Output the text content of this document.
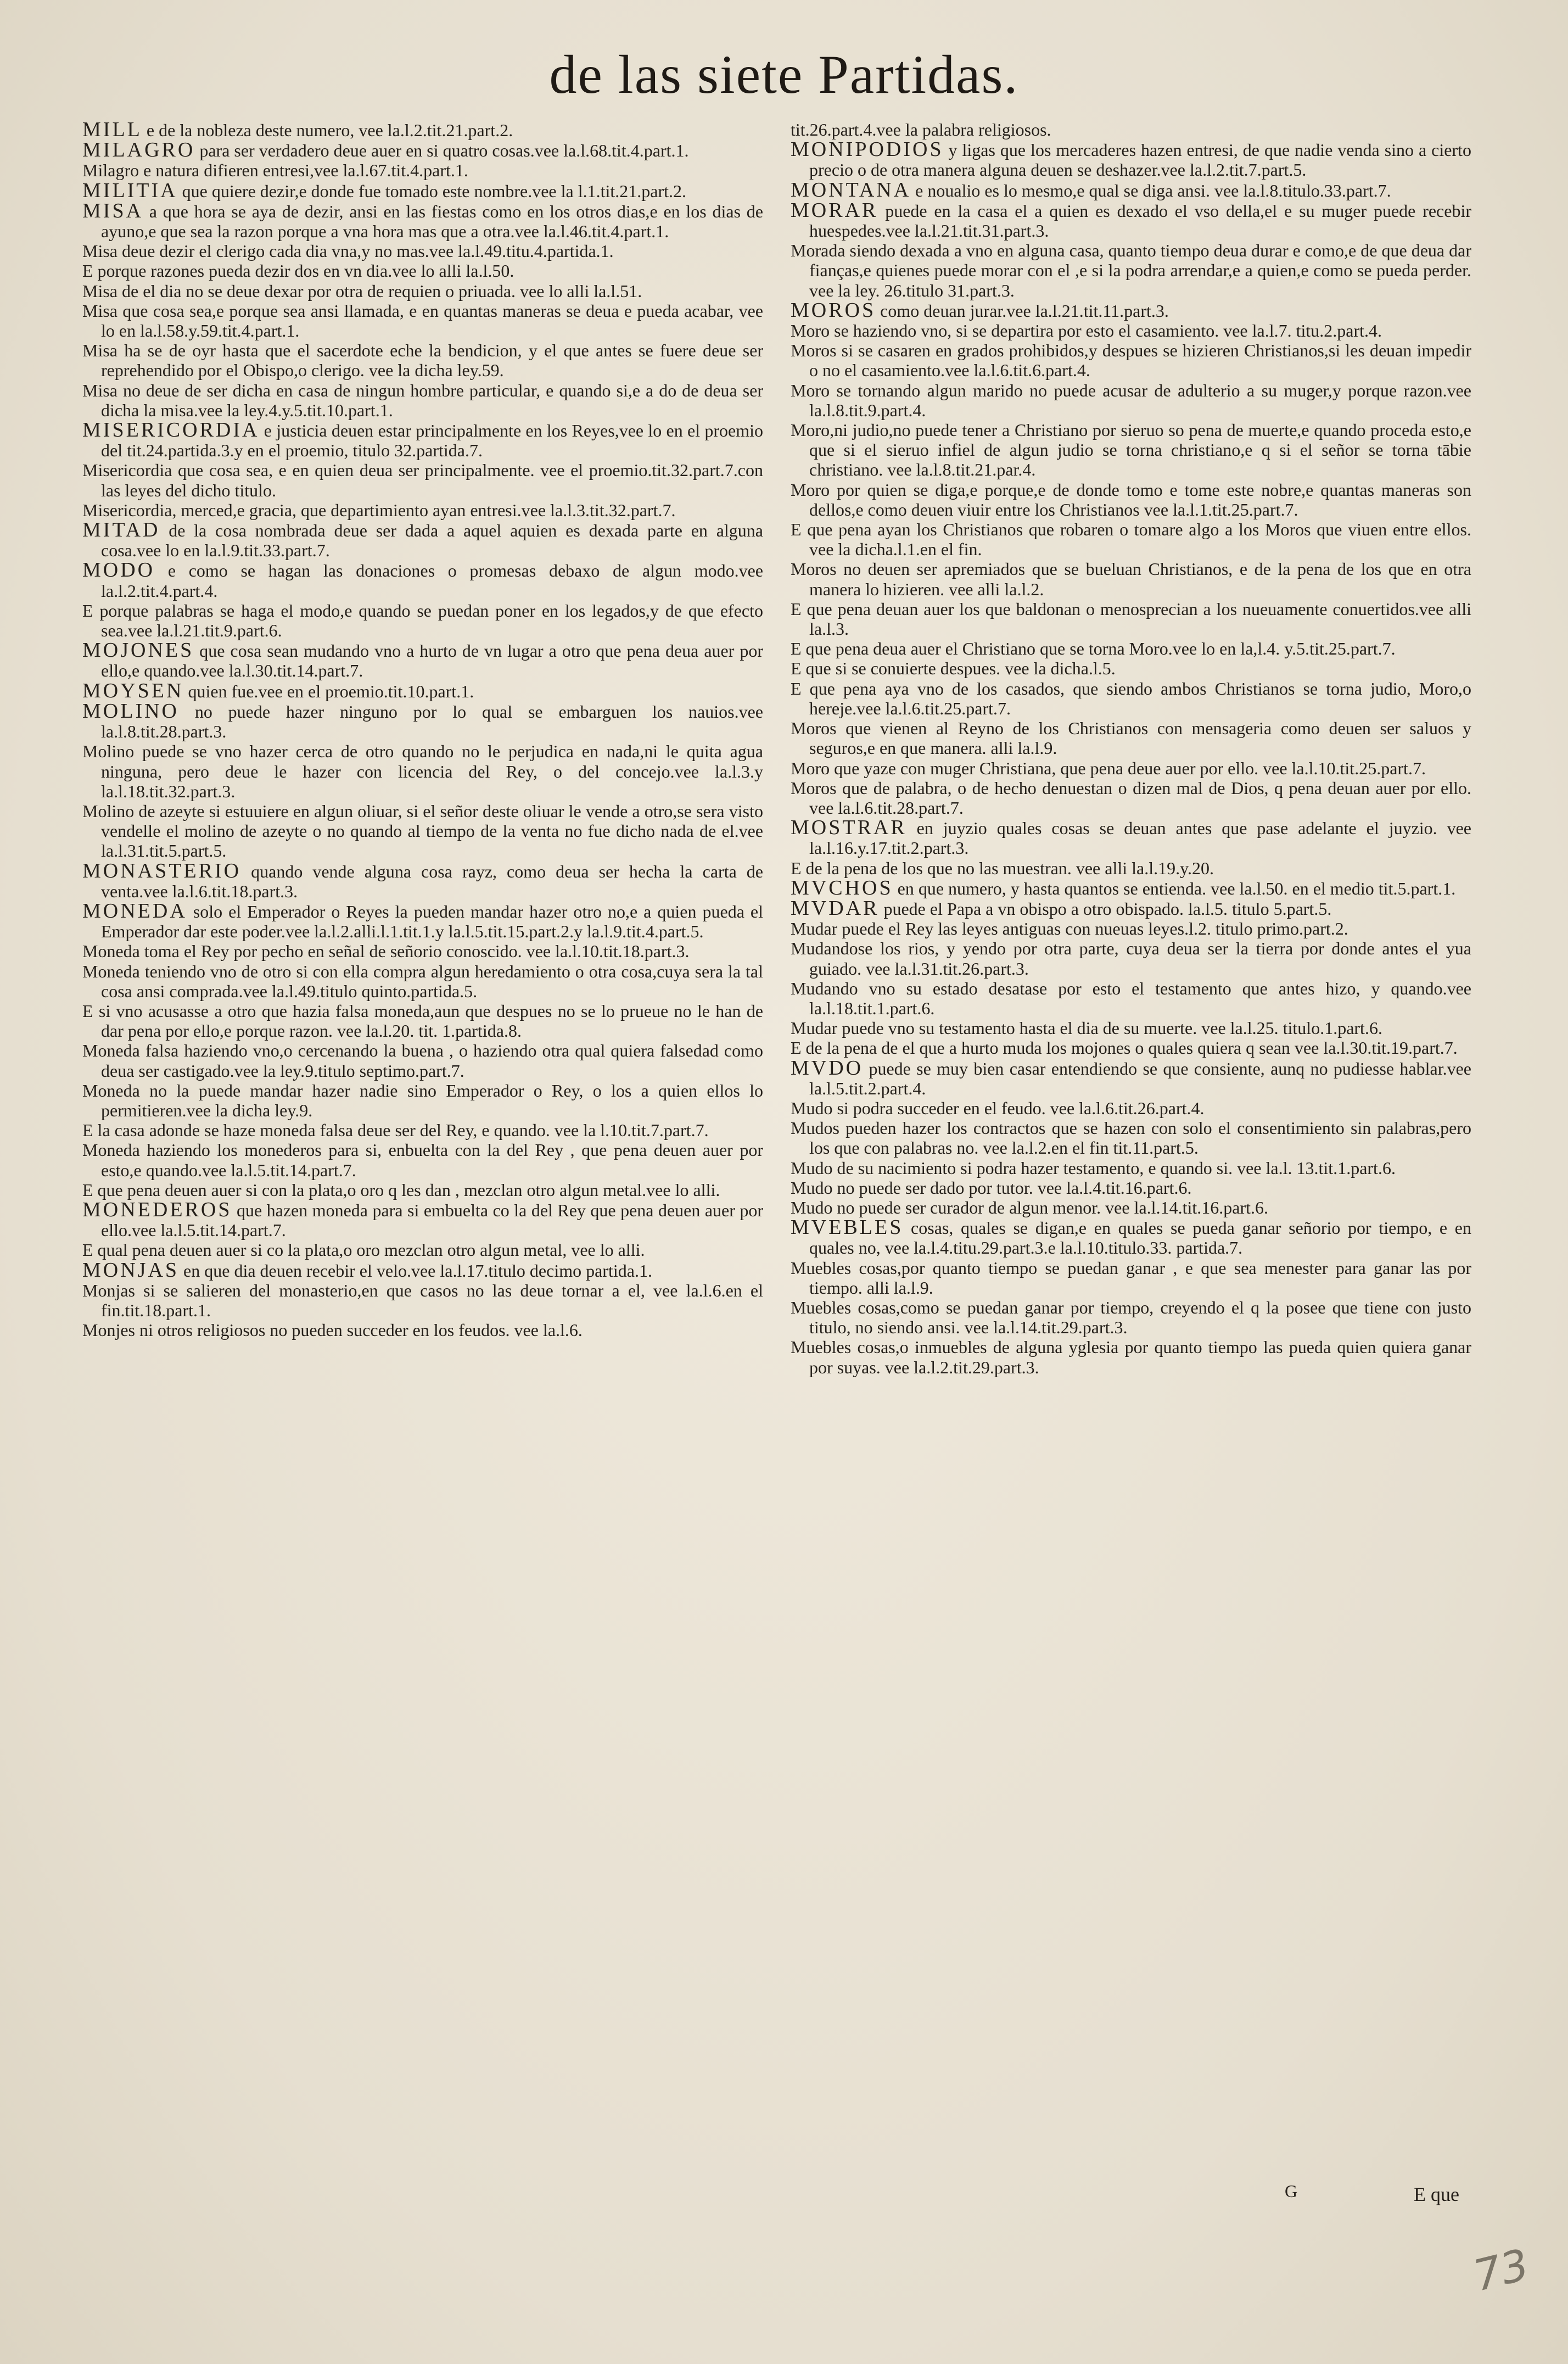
de las siete Partidas.

MILL e de la nobleza deste numero, vee la.l.2.tit.21.part.2.

MILAGRO para ser verdadero deue auer en si quatro cosas.vee la.l.68.tit.4.part.1.

Milagro e natura difieren entresi,vee la.l.67.tit.4.part.1.

MILITIA que quiere dezir,e donde fue tomado este nombre.vee la l.1.tit.21.part.2.

MISA a que hora se aya de dezir, ansi en las fiestas como en los otros dias,e en los dias de ayuno,e que sea la razon porque a vna hora mas que a otra.vee la.l.46.tit.4.part.1.

Misa deue dezir el clerigo cada dia vna,y no mas.vee la.l.49.titu.4.partida.1.

E porque razones pueda dezir dos en vn dia.vee lo alli la.l.50.

Misa de el dia no se deue dexar por otra de requien o priuada. vee lo alli la.l.51.

Misa que cosa sea,e porque sea ansi llamada, e en quantas maneras se deua e pueda acabar, vee lo en la.l.58.y.59.tit.4.part.1.

Misa ha se de oyr hasta que el sacerdote eche la bendicion, y el que antes se fuere deue ser reprehendido por el Obispo,o clerigo. vee la dicha ley.59.

Misa no deue de ser dicha en casa de ningun hombre particular, e quando si,e a do de deua ser dicha la misa.vee la ley.4.y.5.tit.10.part.1.

MISERICORDIA e justicia deuen estar principalmente en los Reyes,vee lo en el proemio del tit.24.partida.3.y en el proemio, titulo 32.partida.7.

Misericordia que cosa sea, e en quien deua ser principalmente. vee el proemio.tit.32.part.7.con las leyes del dicho titulo.

Misericordia, merced,e gracia, que departimiento ayan entresi.vee la.l.3.tit.32.part.7.

MITAD de la cosa nombrada deue ser dada a aquel aquien es dexada parte en alguna cosa.vee lo en la.l.9.tit.33.part.7.

MODO e como se hagan las donaciones o promesas debaxo de algun modo.vee la.l.2.tit.4.part.4.

E porque palabras se haga el modo,e quando se puedan poner en los legados,y de que efecto sea.vee la.l.21.tit.9.part.6.

MOJONES que cosa sean mudando vno a hurto de vn lugar a otro que pena deua auer por ello,e quando.vee la.l.30.tit.14.part.7.

MOYSEN quien fue.vee en el proemio.tit.10.part.1.

MOLINO no puede hazer ninguno por lo qual se embarguen los nauios.vee la.l.8.tit.28.part.3.

Molino puede se vno hazer cerca de otro quando no le perjudica en nada,ni le quita agua ninguna, pero deue le hazer con licencia del Rey, o del concejo.vee la.l.3.y la.l.18.tit.32.part.3.

Molino de azeyte si estuuiere en algun oliuar, si el señor deste oliuar le vende a otro,se sera visto vendelle el molino de azeyte o no quando al tiempo de la venta no fue dicho nada de el.vee la.l.31.tit.5.part.5.

MONASTERIO quando vende alguna cosa rayz, como deua ser hecha la carta de venta.vee la.l.6.tit.18.part.3.

MONEDA solo el Emperador o Reyes la pueden mandar hazer otro no,e a quien pueda el Emperador dar este poder.vee la.l.2.alli.l.1.tit.1.y la.l.5.tit.15.part.2.y la.l.9.tit.4.part.5.

Moneda toma el Rey por pecho en señal de señorio conoscido. vee la.l.10.tit.18.part.3.

Moneda teniendo vno de otro si con ella compra algun heredamiento o otra cosa,cuya sera la tal cosa ansi comprada.vee la.l.49.titulo quinto.partida.5.

E si vno acusasse a otro que hazia falsa moneda,aun que despues no se lo prueue no le han de dar pena por ello,e porque razon. vee la.l.20. tit. 1.partida.8.

Moneda falsa haziendo vno,o cercenando la buena , o haziendo otra qual quiera falsedad como deua ser castigado.vee la ley.9.titulo septimo.part.7.

Moneda no la puede mandar hazer nadie sino Emperador o Rey, o los a quien ellos lo permitieren.vee la dicha ley.9.

E la casa adonde se haze moneda falsa deue ser del Rey, e quando. vee la l.10.tit.7.part.7.

Moneda haziendo los monederos para si, enbuelta con la del Rey , que pena deuen auer por esto,e quando.vee la.l.5.tit.14.part.7.

E que pena deuen auer si con la plata,o oro q les dan , mezclan otro algun metal.vee lo alli.

MONEDEROS que hazen moneda para si embuelta co la del Rey que pena deuen auer por ello.vee la.l.5.tit.14.part.7.

E qual pena deuen auer si co la plata,o oro mezclan otro algun metal, vee lo alli.

MONJAS en que dia deuen recebir el velo.vee la.l.17.titulo decimo partida.1.

Monjas si se salieren del monasterio,en que casos no las deue tornar a el, vee la.l.6.en el fin.tit.18.part.1.

Monjes ni otros religiosos no pueden succeder en los feudos. vee la.l.6.

tit.26.part.4.vee la palabra religiosos.

MONIPODIOS y ligas que los mercaderes hazen entresi, de que nadie venda sino a cierto precio o de otra manera alguna deuen se deshazer.vee la.l.2.tit.7.part.5.

MONTANA e noualio es lo mesmo,e qual se diga ansi. vee la.l.8.titulo.33.part.7.

MORAR puede en la casa el a quien es dexado el vso della,el e su muger puede recebir huespedes.vee la.l.21.tit.31.part.3.

Morada siendo dexada a vno en alguna casa, quanto tiempo deua durar e como,e de que deua dar fianças,e quienes puede morar con el ,e si la podra arrendar,e a quien,e como se pueda perder. vee la ley. 26.titulo 31.part.3.

MOROS como deuan jurar.vee la.l.21.tit.11.part.3.

Moro se haziendo vno, si se departira por esto el casamiento. vee la.l.7. titu.2.part.4.

Moros si se casaren en grados prohibidos,y despues se hizieren Christianos,si les deuan impedir o no el casamiento.vee la.l.6.tit.6.part.4.

Moro se tornando algun marido no puede acusar de adulterio a su muger,y porque razon.vee la.l.8.tit.9.part.4.

Moro,ni judio,no puede tener a Christiano por sieruo so pena de muerte,e quando proceda esto,e que si el sieruo infiel de algun judio se torna christiano,e q si el señor se torna tābie christiano. vee la.l.8.tit.21.par.4.

Moro por quien se diga,e porque,e de donde tomo e tome este nobre,e quantas maneras son dellos,e como deuen viuir entre los Christianos vee la.l.1.tit.25.part.7.

E que pena ayan los Christianos que robaren o tomare algo a los Moros que viuen entre ellos. vee la dicha.l.1.en el fin.

Moros no deuen ser apremiados que se bueluan Christianos, e de la pena de los que en otra manera lo hizieren. vee alli la.l.2.

E que pena deuan auer los que baldonan o menosprecian a los nueuamente conuertidos.vee alli la.l.3.

E que pena deua auer el Christiano que se torna Moro.vee lo en la,l.4. y.5.tit.25.part.7.

E que si se conuierte despues. vee la dicha.l.5.

E que pena aya vno de los casados, que siendo ambos Christianos se torna judio, Moro,o hereje.vee la.l.6.tit.25.part.7.

Moros que vienen al Reyno de los Christianos con mensageria como deuen ser saluos y seguros,e en que manera. alli la.l.9.

Moro que yaze con muger Christiana, que pena deue auer por ello. vee la.l.10.tit.25.part.7.

Moros que de palabra, o de hecho denuestan o dizen mal de Dios, q pena deuan auer por ello. vee la.l.6.tit.28.part.7.

MOSTRAR en juyzio quales cosas se deuan antes que pase adelante el juyzio. vee la.l.16.y.17.tit.2.part.3.

E de la pena de los que no las muestran. vee alli la.l.19.y.20.

MVCHOS en que numero, y hasta quantos se entienda. vee la.l.50. en el medio tit.5.part.1.

MVDAR puede el Papa a vn obispo a otro obispado. la.l.5. titulo 5.part.5.

Mudar puede el Rey las leyes antiguas con nueuas leyes.l.2. titulo primo.part.2.

Mudandose los rios, y yendo por otra parte, cuya deua ser la tierra por donde antes el yua guiado. vee la.l.31.tit.26.part.3.

Mudando vno su estado desatase por esto el testamento que antes hizo, y quando.vee la.l.18.tit.1.part.6.

Mudar puede vno su testamento hasta el dia de su muerte. vee la.l.25. titulo.1.part.6.

E de la pena de el que a hurto muda los mojones o quales quiera q sean vee la.l.30.tit.19.part.7.

MVDO puede se muy bien casar entendiendo se que consiente, aunq no pudiesse hablar.vee la.l.5.tit.2.part.4.

Mudo si podra succeder en el feudo. vee la.l.6.tit.26.part.4.

Mudos pueden hazer los contractos que se hazen con solo el consentimiento sin palabras,pero los que con palabras no. vee la.l.2.en el fin tit.11.part.5.

Mudo de su nacimiento si podra hazer testamento, e quando si. vee la.l. 13.tit.1.part.6.

Mudo no puede ser dado por tutor. vee la.l.4.tit.16.part.6.

Mudo no puede ser curador de algun menor. vee la.l.14.tit.16.part.6.

MVEBLES cosas, quales se digan,e en quales se pueda ganar señorio por tiempo, e en quales no, vee la.l.4.titu.29.part.3.e la.l.10.titulo.33. partida.7.

Muebles cosas,por quanto tiempo se puedan ganar , e que sea menester para ganar las por tiempo. alli la.l.9.

Muebles cosas,como se puedan ganar por tiempo, creyendo el q la posee que tiene con justo titulo, no siendo ansi. vee la.l.14.tit.29.part.3.

Muebles cosas,o inmuebles de alguna yglesia por quanto tiempo las pueda quien quiera ganar por suyas. vee la.l.2.tit.29.part.3.

G	E que
73
